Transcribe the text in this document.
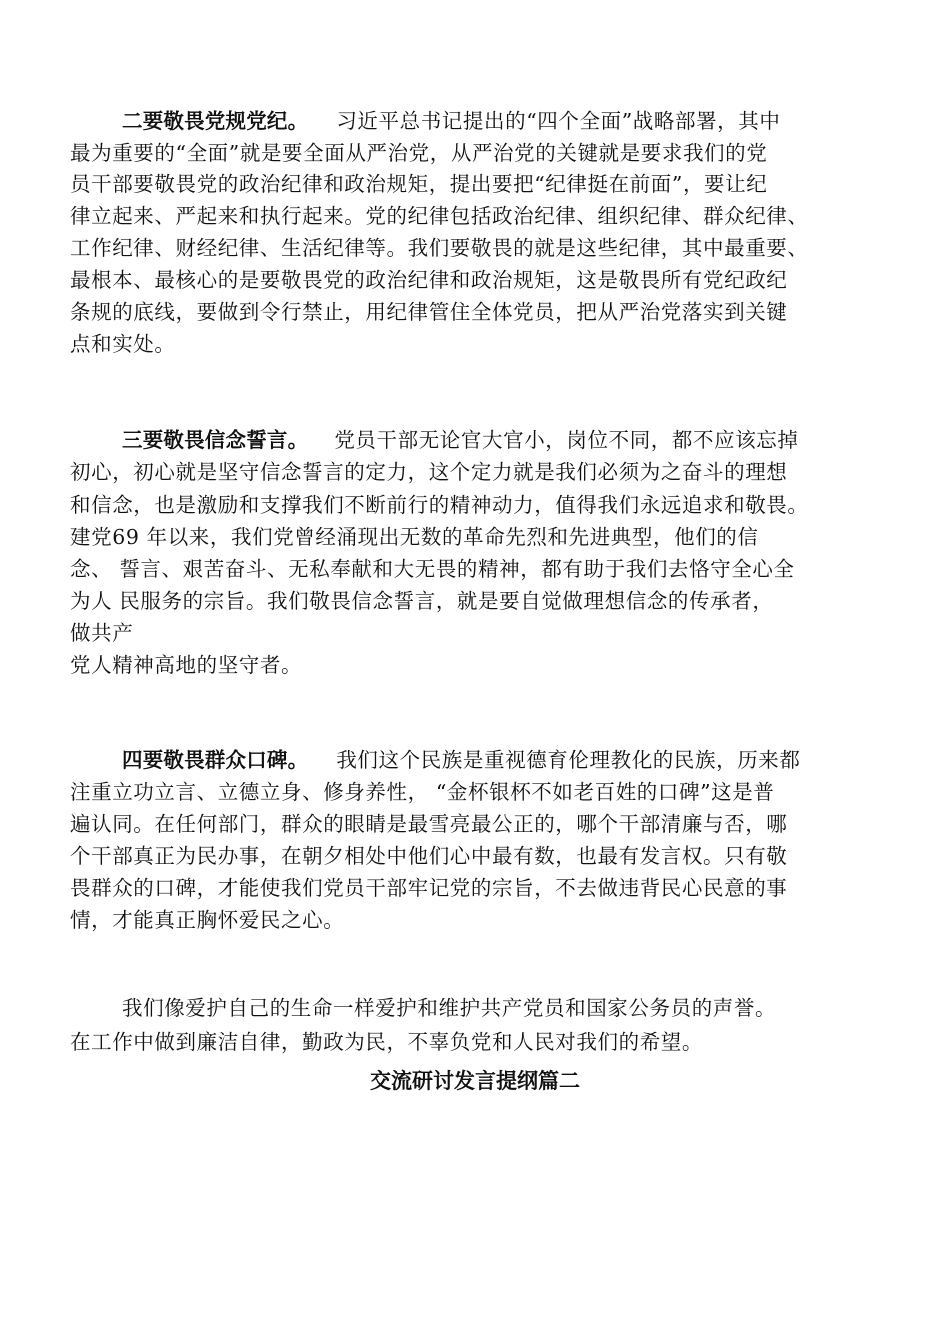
二要敬畏党规党纪。 习近平总书记提出的“四个全面”战略部署，其中
最为重要的“全面”就是要全面从严治党，从严治党的关键就是要求我们的党
员干部要敬畏党的政治纪律和政治规矩，提出要把“纪律挺在前面”，要让纪
律立起来、严起来和执行起来。党的纪律包括政治纪律、组织纪律、群众纪律、
工作纪律、财经纪律、生活纪律等。我们要敬畏的就是这些纪律，其中最重要、
最根本、最核心的是要敬畏党的政治纪律和政治规矩，这是敬畏所有党纪政纪
条规的底线，要做到令行禁止，用纪律管住全体党员，把从严治党落实到关键
点和实处。
三要敬畏信念誓言。 党员干部无论官大官小，岗位不同，都不应该忘掉
初心，初心就是坚守信念誓言的定力，这个定力就是我们必须为之奋斗的理想
和信念，也是激励和支撑我们不断前行的精神动力，值得我们永远追求和敬畏。
建党69 年以来，我们党曾经涌现出无数的革命先烈和先进典型，他们的信
念、 誓言、艰苦奋斗、无私奉献和大无畏的精神，都有助于我们去恪守全心全
为人 民服务的宗旨。我们敬畏信念誓言，就是要自觉做理想信念的传承者，
做共产
党人精神高地的坚守者。
四要敬畏群众口碑。 我们这个民族是重视德育伦理教化的民族，历来都
注重立功立言、立德立身、修身养性， “金杯银杯不如老百姓的口碑”这是普
遍认同。在任何部门，群众的眼睛是最雪亮最公正的，哪个干部清廉与否，哪
个干部真正为民办事，在朝夕相处中他们心中最有数，也最有发言权。只有敬
畏群众的口碑，才能使我们党员干部牢记党的宗旨，不去做违背民心民意的事
情，才能真正胸怀爱民之心。
我们像爱护自己的生命一样爱护和维护共产党员和国家公务员的声誉。
在工作中做到廉洁自律，勤政为民，不辜负党和人民对我们的希望。
交流研讨发言提纲篇二
